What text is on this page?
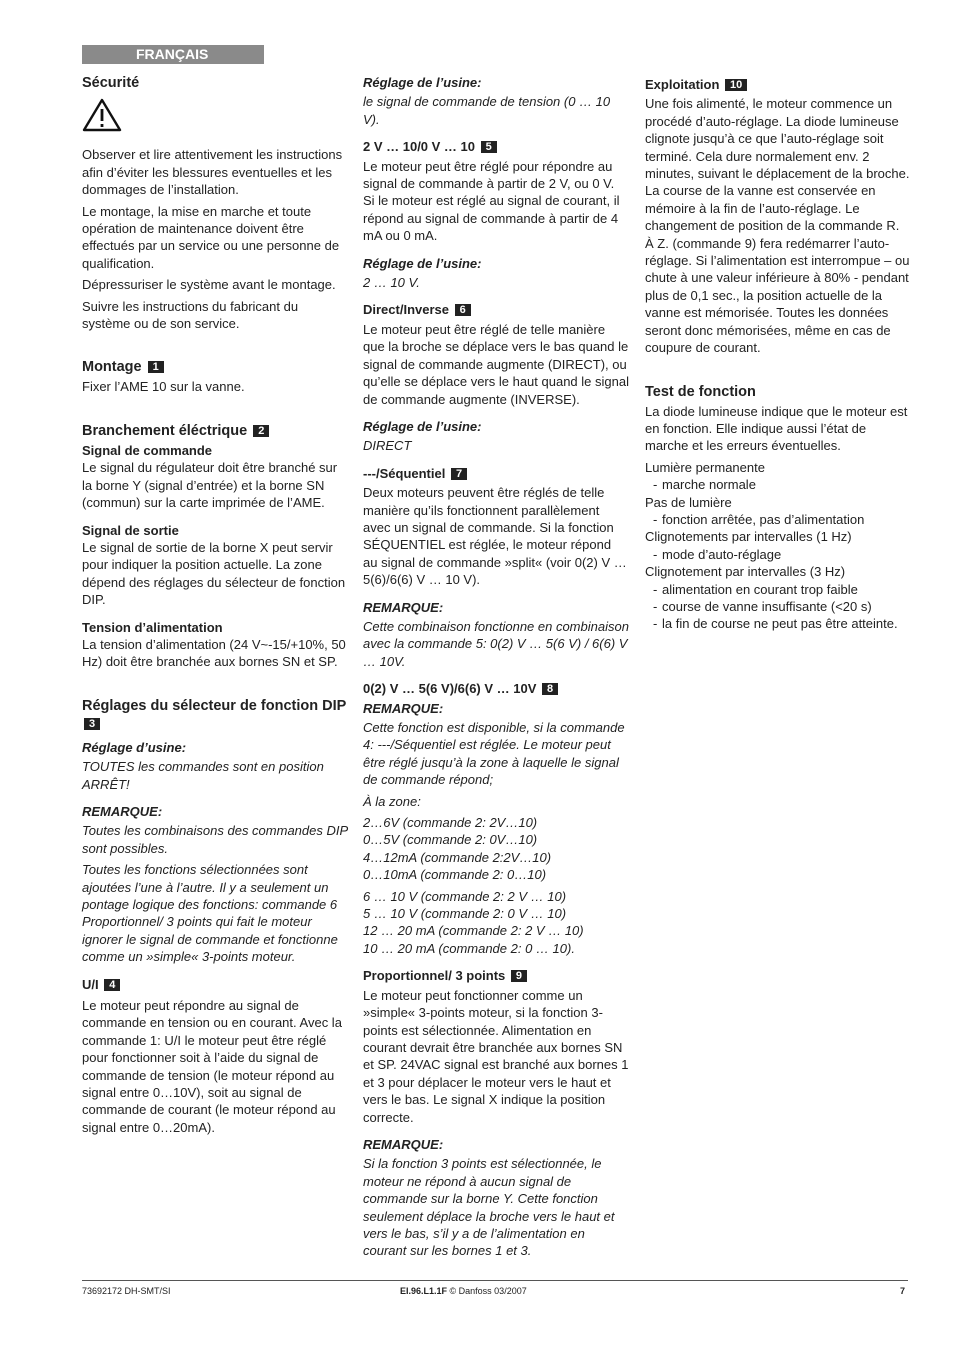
FRANÇAIS
Sécurité

Observer et lire attentivement les instructions afin d’éviter les blessures eventuelles et les dommages de l’installation.

Le montage, la mise en marche et toute opération de maintenance doivent être effectués par un service ou une personne de qualification.

Dépressuriser le système avant le montage.

Suivre les instructions du fabricant du système ou de son service.

Montage 1

Fixer l’AME 10 sur la vanne.

Branchement éléctrique 2
Signal de commande

Le signal du régulateur doit être branché sur la borne Y (signal d’entrée) et la borne SN (commun) sur la carte imprimée de l’AME.

Signal de sortie

Le signal de sortie de la borne X peut servir pour indiquer la position actuelle. La zone dépend des réglages du sélecteur de fonction DIP.

Tension d’alimentation

La tension d’alimentation (24 V~-15/+10%, 50 Hz) doit être branchée aux bornes SN et SP.

Réglages du sélecteur de fonction DIP 3

Réglage d’usine:

TOUTES les commandes sont en position ARRÊT!

REMARQUE:

Toutes les combinaisons des commandes DIP sont possibles.

Toutes les fonctions sélectionnées sont ajoutées l’une à l’autre. Il y a seulement un pontage logique des fonctions: commande 6 Proportionnel/ 3 points qui fait le moteur ignorer le signal de commande et fonctionne comme un »simple« 3-points moteur.

U/I 4

Le moteur peut répondre au signal de commande en tension ou en courant. Avec la commande 1: U/I le moteur peut être réglé pour fonctionner soit à l’aide du signal de commande de tension (le moteur répond au signal entre 0…10V), soit au signal de commande de courant (le moteur répond au signal entre 0…20mA).

Réglage de l’usine:

le signal de commande de tension (0 … 10 V).

2 V … 10/0 V … 10 5

Le moteur peut être réglé pour répondre au signal de commande à partir de 2 V, ou 0 V. Si le moteur est réglé au signal de courant, il répond au signal de commande à partir de 4 mA ou 0 mA.

Réglage de l’usine:

2 … 10 V.

Direct/Inverse 6

Le moteur peut être réglé de telle manière que la broche se déplace vers le bas quand le signal de commande augmente (DIRECT), ou qu’elle se déplace vers le haut quand le signal de commande augmente (INVERSE).

Réglage de l’usine:

DIRECT

---/Séquentiel 7

Deux moteurs peuvent être réglés de telle manière qu’ils fonctionnent parallèlement avec un signal de commande. Si la fonction SÉQUENTIEL est réglée, le moteur répond au signal de commande »split« (voir 0(2) V … 5(6)/6(6) V … 10 V).

REMARQUE:

Cette combinaison fonctionne en combinaison avec la commande 5: 0(2) V … 5(6 V) / 6(6) V … 10V.

0(2) V … 5(6 V)/6(6) V … 10V 8

REMARQUE:

Cette fonction est disponible, si la commande 4: ---/Séquentiel est réglée. Le moteur peut être réglé jusqu’à la zone à laquelle le signal de commande répond;

À la zone:

2…6V (commande 2: 2V…10)
0…5V (commande 2: 0V…10)
4…12mA (commande 2:2V…10)
0…10mA (commande 2: 0…10)
6 … 10 V (commande 2: 2 V … 10)
5 … 10 V (commande 2: 0 V … 10)
12 … 20 mA (commande 2: 2 V … 10)
10 … 20 mA (commande 2: 0 … 10).
Proportionnel/ 3 points 9

Le moteur peut fonctionner comme un »simple« 3-points moteur, si la fonction 3-points est sélectionnée. Alimentation en courant devrait être branchée aux bornes SN et SP. 24VAC signal est branché aux bornes 1 et 3 pour déplacer le moteur vers le haut et vers le bas. Le signal X indique la position correcte.

REMARQUE:

Si la fonction 3 points est sélectionnée, le moteur ne répond à aucun signal de commande sur la borne Y. Cette fonction seulement déplace la broche vers le haut et vers le bas, s’il y a de l’alimentation en courant sur les bornes 1 et 3.

Exploitation 10

Une fois alimenté, le moteur commence un procédé d’auto-réglage. La diode lumineuse clignote jusqu’à ce que l’auto-réglage soit terminé. Cela dure normalement env. 2 minutes, suivant le déplacement de la broche. La course de la vanne est conservée en mémoire à la fin de l’auto-réglage. Le changement de position de la commande R. À Z. (commande 9) fera redémarrer l’auto-réglage. Si l’alimentation est interrompue – ou chute à une valeur inférieure à 80% - pendant plus de 0,1 sec., la position actuelle de la vanne est mémorisée. Toutes les données seront donc mémorisées, même en cas de coupure de courant.

Test de fonction

La diode lumineuse indique que le moteur est en fonction. Elle indique aussi l’état de marche et les erreurs éventuelles.

Lumière permanente
- marche normale
Pas de lumière
- fonction arrêtée, pas d’alimentation
Clignotements par intervalles (1 Hz)
- mode d’auto-réglage
Clignotement par intervalles (3 Hz)
- alimentation en courant trop faible
- course de vanne insuffisante (<20 s)
- la fin de course ne peut pas être atteinte.
73692172 DH-SMT/SI	EI.96.L1.1F © Danfoss 03/2007	7
